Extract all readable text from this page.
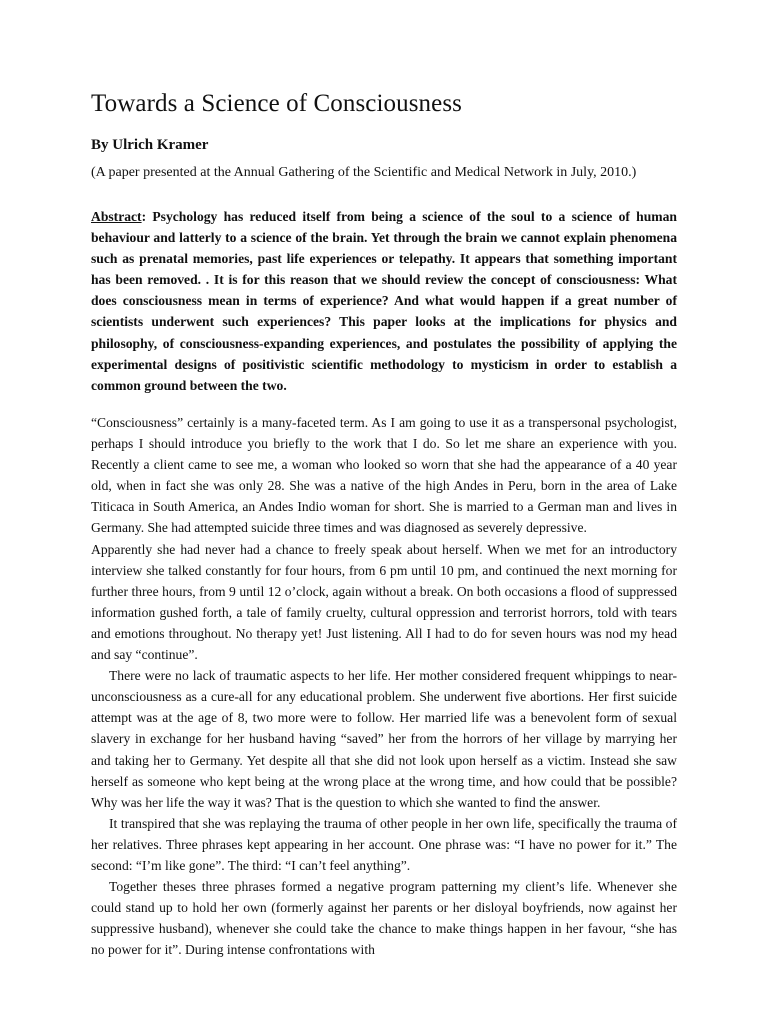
Towards a Science of Consciousness

By Ulrich Kramer

(A paper presented at the Annual Gathering of the Scientific and Medical Network in July, 2010.)

Abstract: Psychology has reduced itself from being a science of the soul to a science of human behaviour and latterly to a science of the brain. Yet through the brain we cannot explain phenomena such as prenatal memories, past life experiences or telepathy. It appears that something important has been removed. . It is for this reason that we should review the concept of consciousness: What does consciousness mean in terms of experience? And what would happen if a great number of scientists underwent such experiences? This paper looks at the implications for physics and philosophy, of consciousness-expanding experiences, and postulates the possibility of applying the experimental designs of positivistic scientific methodology to mysticism in order to establish a common ground between the two.

“Consciousness” certainly is a many-faceted term. As I am going to use it as a transpersonal psychologist, perhaps I should introduce you briefly to the work that I do. So let me share an experience with you. Recently a client came to see me, a woman who looked so worn that she had the appearance of a 40 year old, when in fact she was only 28. She was a native of the high Andes in Peru, born in the area of Lake Titicaca in South America, an Andes Indio woman for short. She is married to a German man and lives in Germany. She had attempted suicide three times and was diagnosed as severely depressive.

Apparently she had never had a chance to freely speak about herself. When we met for an introductory interview she talked constantly for four hours, from 6 pm until 10 pm, and continued the next morning for further three hours, from 9 until 12 o’clock, again without a break. On both occasions a flood of suppressed information gushed forth, a tale of family cruelty, cultural oppression and terrorist horrors, told with tears and emotions throughout. No therapy yet! Just listening. All I had to do for seven hours was nod my head and say “continue”.

There were no lack of traumatic aspects to her life. Her mother considered frequent whippings to near-unconsciousness as a cure-all for any educational problem. She underwent five abortions. Her first suicide attempt was at the age of 8, two more were to follow. Her married life was a benevolent form of sexual slavery in exchange for her husband having “saved” her from the horrors of her village by marrying her and taking her to Germany. Yet despite all that she did not look upon herself as a victim. Instead she saw herself as someone who kept being at the wrong place at the wrong time, and how could that be possible? Why was her life the way it was? That is the question to which she wanted to find the answer.

It transpired that she was replaying the trauma of other people in her own life, specifically the trauma of her relatives. Three phrases kept appearing in her account. One phrase was: “I have no power for it.” The second: “I’m like gone”. The third: “I can’t feel anything”.

Together theses three phrases formed a negative program patterning my client’s life. Whenever she could stand up to hold her own (formerly against her parents or her disloyal boyfriends, now against her suppressive husband), whenever she could take the chance to make things happen in her favour, “she has no power for it”. During intense confrontations with
